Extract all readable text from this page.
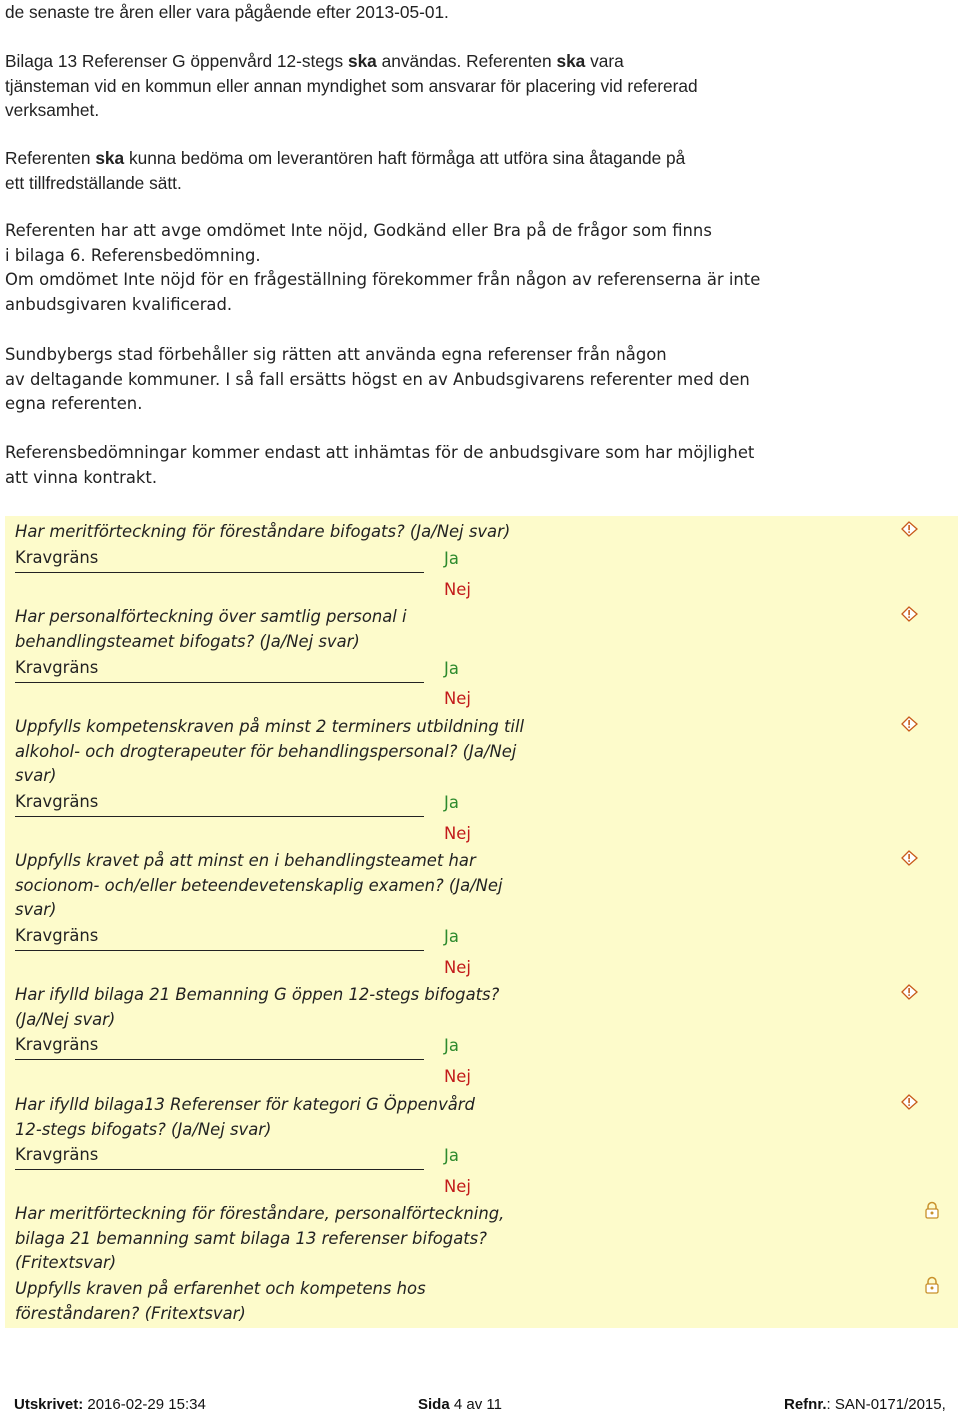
de senaste tre åren eller vara pågående efter 2013-05-01.

Bilaga 13 Referenser G öppenvård 12-stegs ska användas. Referenten ska vara
tjänsteman vid en kommun eller annan myndighet som ansvarar för placering vid refererad
verksamhet.

Referenten ska kunna bedöma om leverantören haft förmåga att utföra sina åtagande på
ett tillfredställande sätt.

Referenten har att avge omdömet Inte nöjd, Godkänd eller Bra på de frågor som finns
i bilaga 6. Referensbedömning.
Om omdömet Inte nöjd för en frågeställning förekommer från någon av referenserna är inte
anbudsgivaren kvalificerad.

Sundbybergs stad förbehåller sig rätten att använda egna referenser från någon
av deltagande kommuner. I så fall ersätts högst en av Anbudsgivarens referenter med den
egna referenten.

Referensbedömningar kommer endast att inhämtas för de anbudsgivare som har möjlighet
att vinna kontrakt.

Har meritförteckning för föreståndare bifogats? (Ja/Nej svar)

Kravgräns	Ja
Nej

Har personalförteckning över samtlig personal i
behandlingsteamet bifogats? (Ja/Nej svar)

Kravgräns	Ja
Nej

Uppfylls kompetenskraven på minst 2 terminers utbildning till
alkohol- och drogterapeuter för behandlingspersonal? (Ja/Nej
svar)

Kravgräns	Ja
Nej

Uppfylls kravet på att minst en i behandlingsteamet har
socionom- och/eller beteendevetenskaplig examen? (Ja/Nej
svar)

Kravgräns	Ja
Nej

Har ifylld bilaga 21 Bemanning G öppen 12-stegs bifogats?
(Ja/Nej svar)

Kravgräns	Ja
Nej

Har ifylld bilaga13 Referenser för kategori G Öppenvård
12-stegs bifogats? (Ja/Nej svar)

Kravgräns	Ja
Nej

Har meritförteckning för föreståndare, personalförteckning,
bilaga 21 bemanning samt bilaga 13 referenser bifogats?
(Fritextsvar)

Uppfylls kraven på erfarenhet och kompetens hos
föreståndaren? (Fritextsvar)

Utskrivet: 2016-02-29 15:34	Sida 4 av 11	Refnr.: SAN-0171/2015,
